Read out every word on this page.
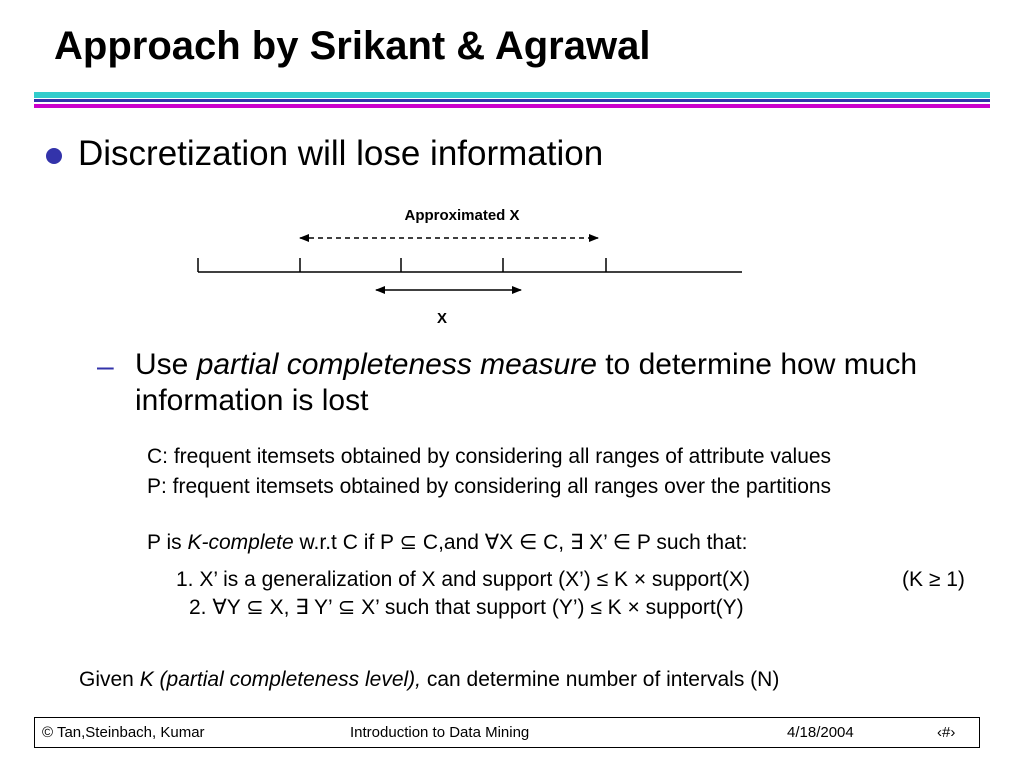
Approach by Srikant & Agrawal
Discretization will lose information
Approximated X
X
– Use partial completeness measure to determine how much information is lost
C: frequent itemsets obtained by considering all ranges of attribute values
P: frequent itemsets obtained by considering all ranges over the partitions
P is K-complete w.r.t C if P ⊆ C,and ∀X ∈ C, ∃ X’ ∈ P such that:
1. X’ is a generalization of X and support (X’) ≤ K × support(X)	(K ≥ 1)
2. ∀Y ⊆ X, ∃ Y’ ⊆ X’ such that support (Y’) ≤ K × support(Y)
Given K (partial completeness level), can determine number of intervals (N)
© Tan,Steinbach, Kumar	Introduction to Data Mining	4/18/2004	‹#›
